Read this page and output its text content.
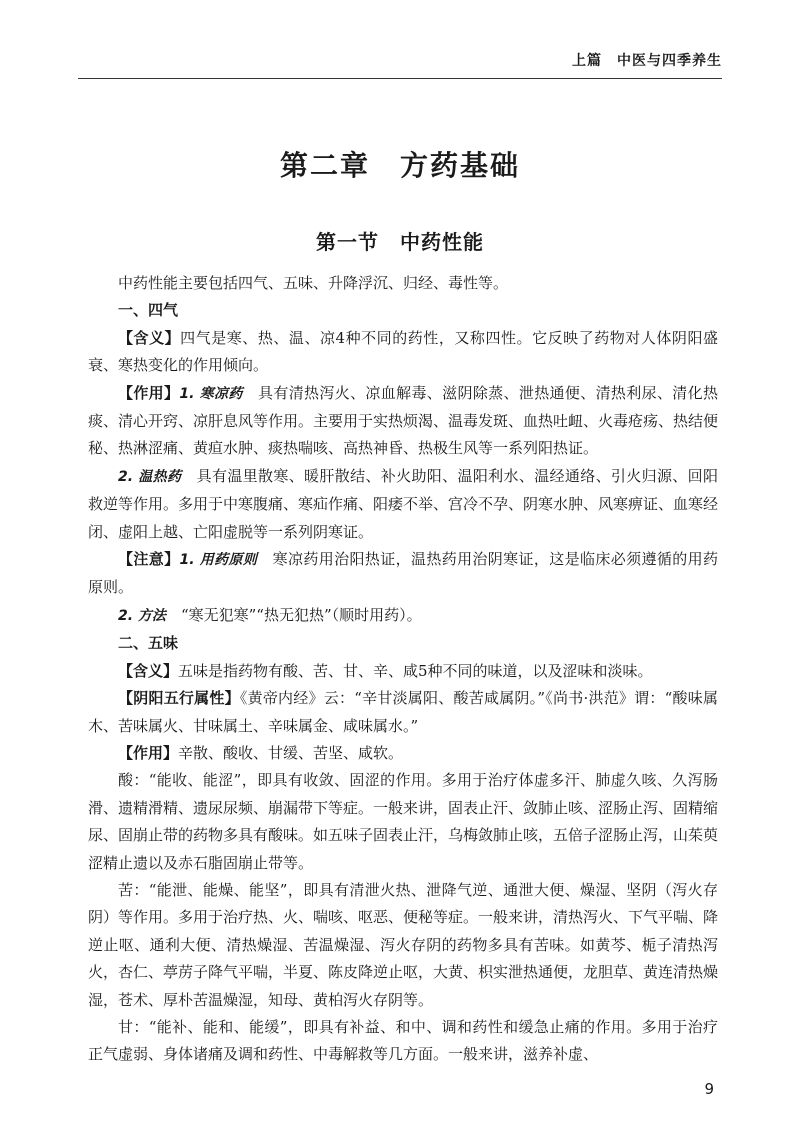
上篇　中医与四季养生
第二章　方药基础
第一节　中药性能

中药性能主要包括四气、五味、升降浮沉、归经、毒性等。

一、四气

【含义】四气是寒、热、温、凉4种不同的药性，又称四性。它反映了药物对人体阴阳盛衰、寒热变化的作用倾向。

【作用】1. 寒凉药　具有清热泻火、凉血解毒、滋阴除蒸、泄热通便、清热利尿、清化热痰、清心开窍、凉肝息风等作用。主要用于实热烦渴、温毒发斑、血热吐衄、火毒疮疡、热结便秘、热淋涩痛、黄疸水肿、痰热喘咳、高热神昏、热极生风等一系列阳热证。

2. 温热药　具有温里散寒、暖肝散结、补火助阳、温阳利水、温经通络、引火归源、回阳救逆等作用。多用于中寒腹痛、寒疝作痛、阳痿不举、宫冷不孕、阴寒水肿、风寒痹证、血寒经闭、虚阳上越、亡阳虚脱等一系列阴寒证。

【注意】1. 用药原则　寒凉药用治阳热证，温热药用治阴寒证，这是临床必须遵循的用药原则。

2. 方法　“寒无犯寒”“热无犯热”（顺时用药）。

二、五味

【含义】五味是指药物有酸、苦、甘、辛、咸5种不同的味道，以及涩味和淡味。

【阴阳五行属性】《黄帝内经》云：“辛甘淡属阳、酸苦咸属阴。”《尚书·洪范》谓：“酸味属木、苦味属火、甘味属土、辛味属金、咸味属水。”

【作用】辛散、酸收、甘缓、苦坚、咸软。

酸：“能收、能涩”，即具有收敛、固涩的作用。多用于治疗体虚多汗、肺虚久咳、久泻肠滑、遗精滑精、遗尿尿频、崩漏带下等症。一般来讲，固表止汗、敛肺止咳、涩肠止泻、固精缩尿、固崩止带的药物多具有酸味。如五味子固表止汗，乌梅敛肺止咳，五倍子涩肠止泻，山茱萸涩精止遗以及赤石脂固崩止带等。

苦：“能泄、能燥、能坚”，即具有清泄火热、泄降气逆、通泄大便、燥湿、坚阴（泻火存阴）等作用。多用于治疗热、火、喘咳、呕恶、便秘等症。一般来讲，清热泻火、下气平喘、降逆止呕、通利大便、清热燥湿、苦温燥湿、泻火存阴的药物多具有苦味。如黄芩、栀子清热泻火，杏仁、葶苈子降气平喘，半夏、陈皮降逆止呕，大黄、枳实泄热通便，龙胆草、黄连清热燥湿，苍术、厚朴苦温燥湿，知母、黄柏泻火存阴等。

甘：“能补、能和、能缓”，即具有补益、和中、调和药性和缓急止痛的作用。多用于治疗正气虚弱、身体诸痛及调和药性、中毒解救等几方面。一般来讲，滋养补虚、

9
